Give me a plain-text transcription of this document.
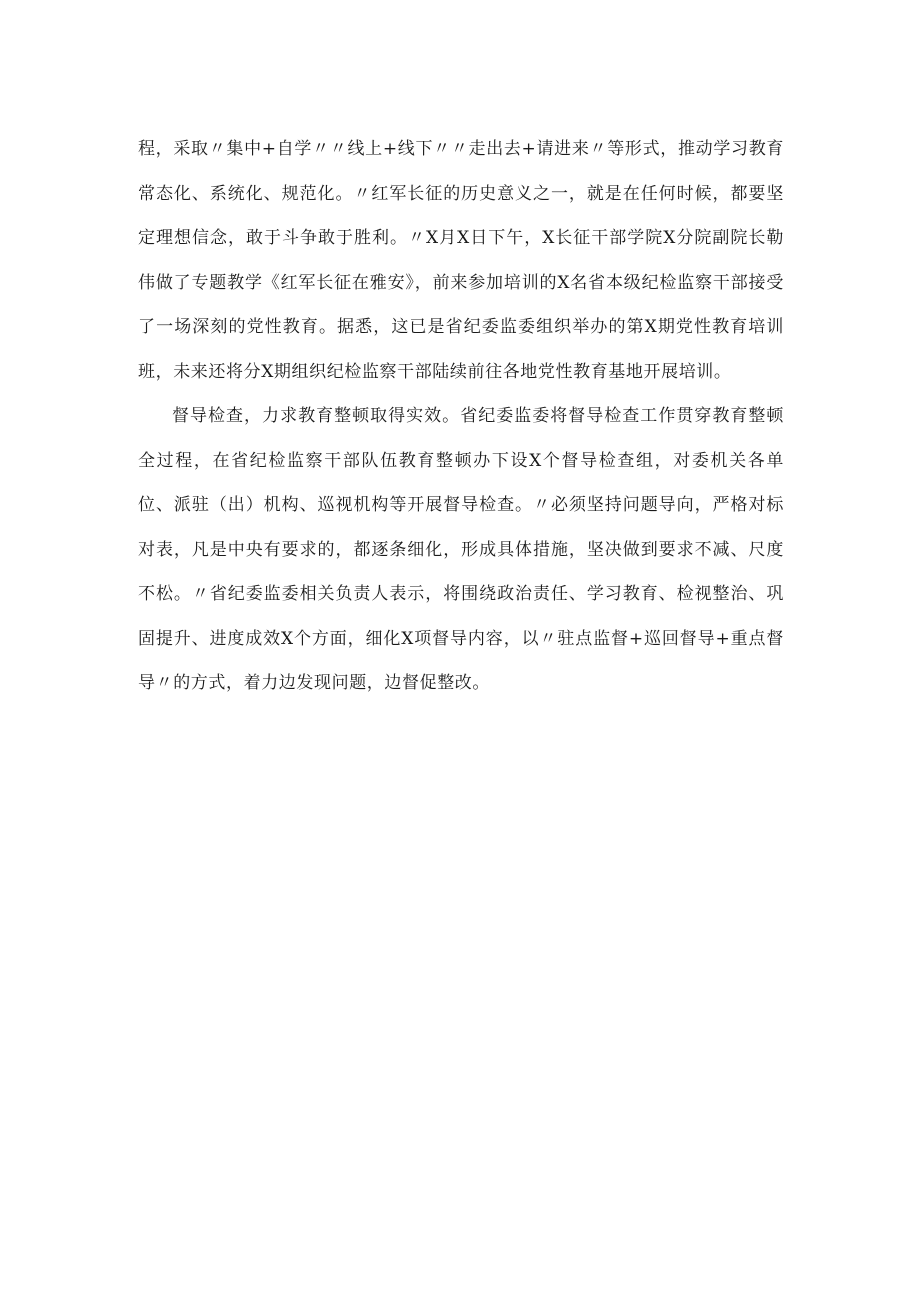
程，采取〃集中+自学〃〃线上+线下〃〃走出去+请进来〃等形式，推动学习教育常态化、系统化、规范化。〃红军长征的历史意义之一，就是在任何时候，都要坚定理想信念，敢于斗争敢于胜利。〃X月X日下午，X长征干部学院X分院副院长勒伟做了专题教学《红军长征在雅安》，前来参加培训的X名省本级纪检监察干部接受了一场深刻的党性教育。据悉，这已是省纪委监委组织举办的第X期党性教育培训班，未来还将分X期组织纪检监察干部陆续前往各地党性教育基地开展培训。

督导检查，力求教育整顿取得实效。省纪委监委将督导检查工作贯穿教育整顿全过程，在省纪检监察干部队伍教育整顿办下设X个督导检查组，对委机关各单位、派驻（出）机构、巡视机构等开展督导检查。〃必须坚持问题导向，严格对标对表，凡是中央有要求的，都逐条细化，形成具体措施，坚决做到要求不减、尺度不松。〃省纪委监委相关负责人表示，将围绕政治责任、学习教育、检视整治、巩固提升、进度成效X个方面，细化X项督导内容，以〃驻点监督+巡回督导+重点督导〃的方式，着力边发现问题，边督促整改。
